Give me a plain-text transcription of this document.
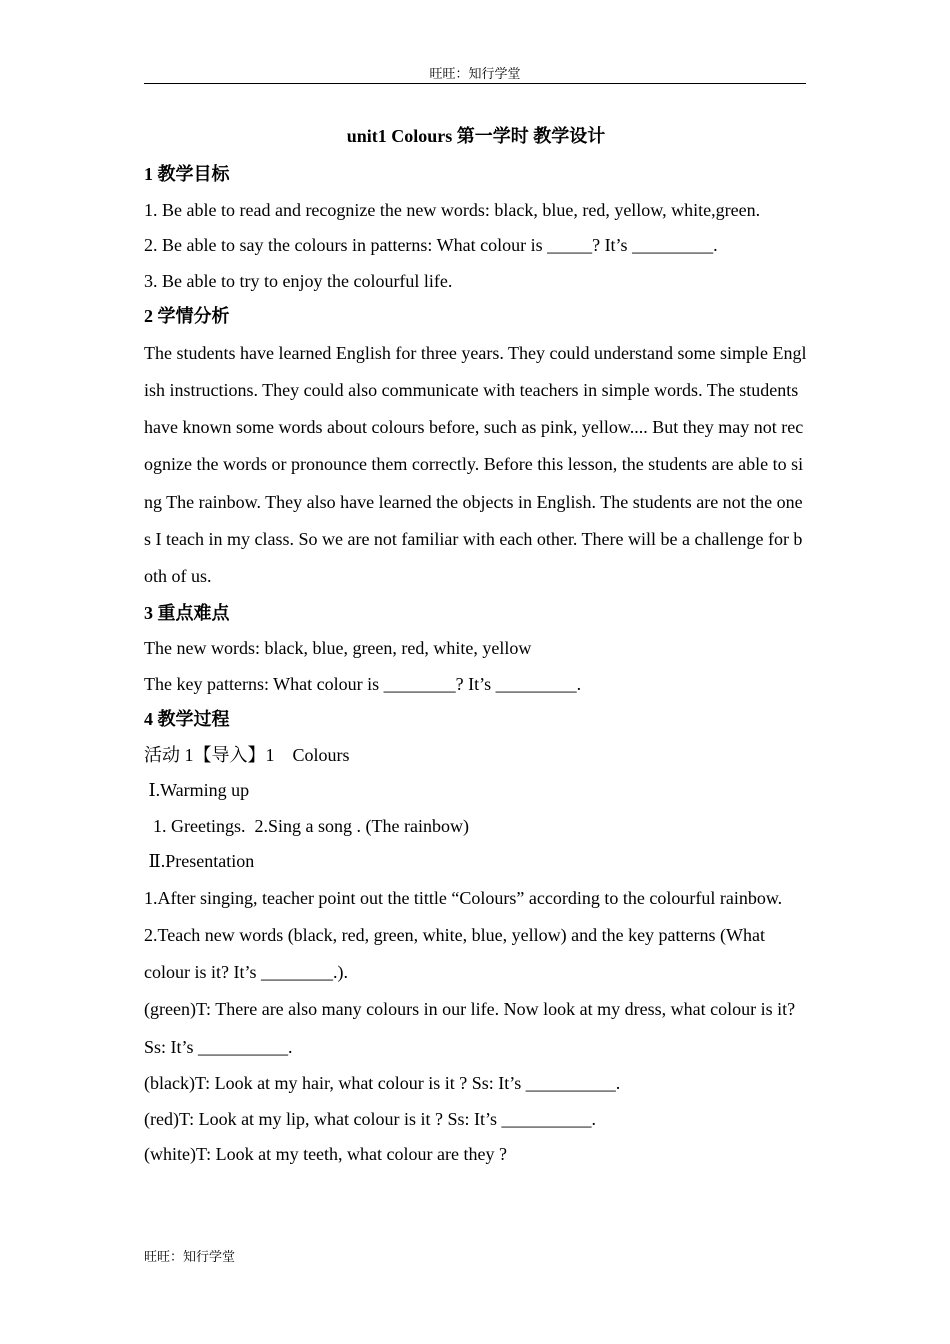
旺旺：知行学堂
unit1 Colours 第一学时 教学设计
1 教学目标
1. Be able to read and recognize the new words: black, blue, red, yellow, white,green.
2. Be able to say the colours in patterns: What colour is _____? It’s _________.
3. Be able to try to enjoy the colourful life.
2 学情分析
The students have learned English for three years. They could understand some simple English instructions. They could also communicate with teachers in simple words. The students have known some words about colours before, such as pink, yellow.... But they may not recognize the words or pronounce them correctly. Before this lesson, the students are able to sing The rainbow. They also have learned the objects in English. The students are not the ones I teach in my class. So we are not familiar with each other. There will be a challenge for both of us.
3 重点难点
The new words: black, blue, green, red, white, yellow
The key patterns: What colour is ________? It’s _________.
4 教学过程
活动 1【导入】1    Colours
Ⅰ.Warming up
1. Greetings.  2.Sing a song . (The rainbow)
Ⅱ.Presentation
1.After singing, teacher point out the tittle “Colours” according to the colourful rainbow.
2.Teach new words (black, red, green, white, blue, yellow) and the key patterns (What colour is it? It’s ________.).
(green)T: There are also many colours in our life. Now look at my dress, what colour is it? Ss: It’s __________.
(black)T: Look at my hair, what colour is it ? Ss: It’s __________.
(red)T: Look at my lip, what colour is it ? Ss: It’s __________.
(white)T: Look at my teeth, what colour are they ?
旺旺：知行学堂
